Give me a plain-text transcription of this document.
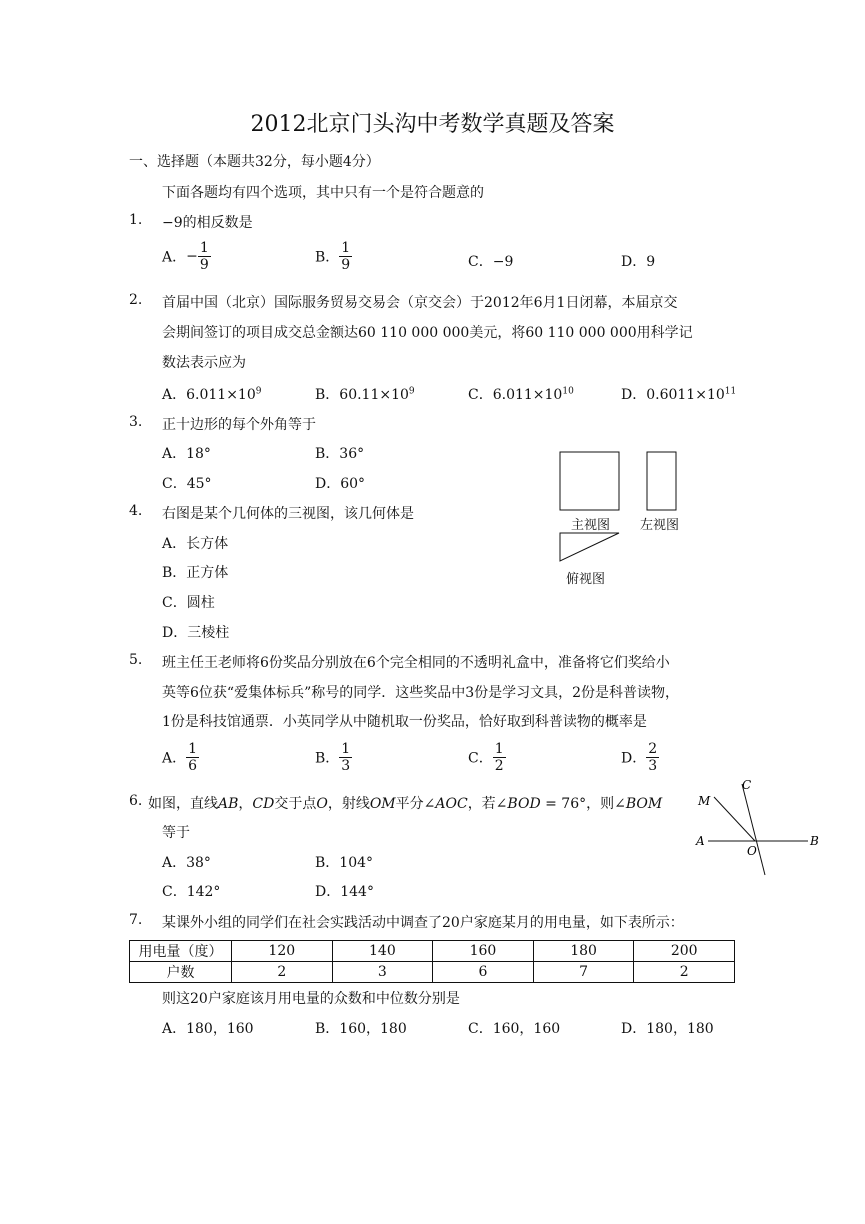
2012北京门头沟中考数学真题及答案
一、选择题（本题共32分，每小题4分）
下面各题均有四个选项，其中只有一个是符合题意的
1. −9的相反数是
A．− $\frac{1}{9}$	B． $\frac{1}{9}$	C．−9	D．9
2. 首届中国（北京）国际服务贸易交易会（京交会）于2012年6月1日闭幕，本届京交
会期间签订的项目成交总金额达60 110 000 000美元，将60 110 000 000用科学记
数法表示应为
A．$6.011\times 10^9$	B．$60.11\times 10^9$	C．$6.011\times 10^{10}$	D．$0.6011\times 10^{11}$
3. 正十边形的每个外角等于
A．18°	B．36°
C．45°	D．60°
主视图 左视图
俯视图
4. 右图是某个几何体的三视图，该几何体是
A．长方体
B．正方体
C．圆柱
D．三棱柱
5. 班主任王老师将6份奖品分别放在6个完全相同的不透明礼盒中，准备将它们奖给小
英等6位获“爱集体标兵”称号的同学．这些奖品中3份是学习文具，2份是科普读物，
1份是科技馆通票．小英同学从中随机取一份奖品，恰好取到科普读物的概率是
A． $\frac{1}{6}$	B． $\frac{1}{3}$	C． $\frac{1}{2}$	D． $\frac{2}{3}$
6. 如图，直线AB，CD交于点O，射线OM平分∠AOC，若∠BOD = 76°，则∠BOM
等于
A．38°	B．104°
C．142°	D．144°
C
M
A
O
B
7. 某课外小组的同学们在社会实践活动中调查了20户家庭某月的用电量，如下表所示：
用电量（度）	120	140	160	180	200
户数	2	3	6	7	2
则这20户家庭该月用电量的众数和中位数分别是
A．180，160	B．160，180	C．160，160	D．180，180
